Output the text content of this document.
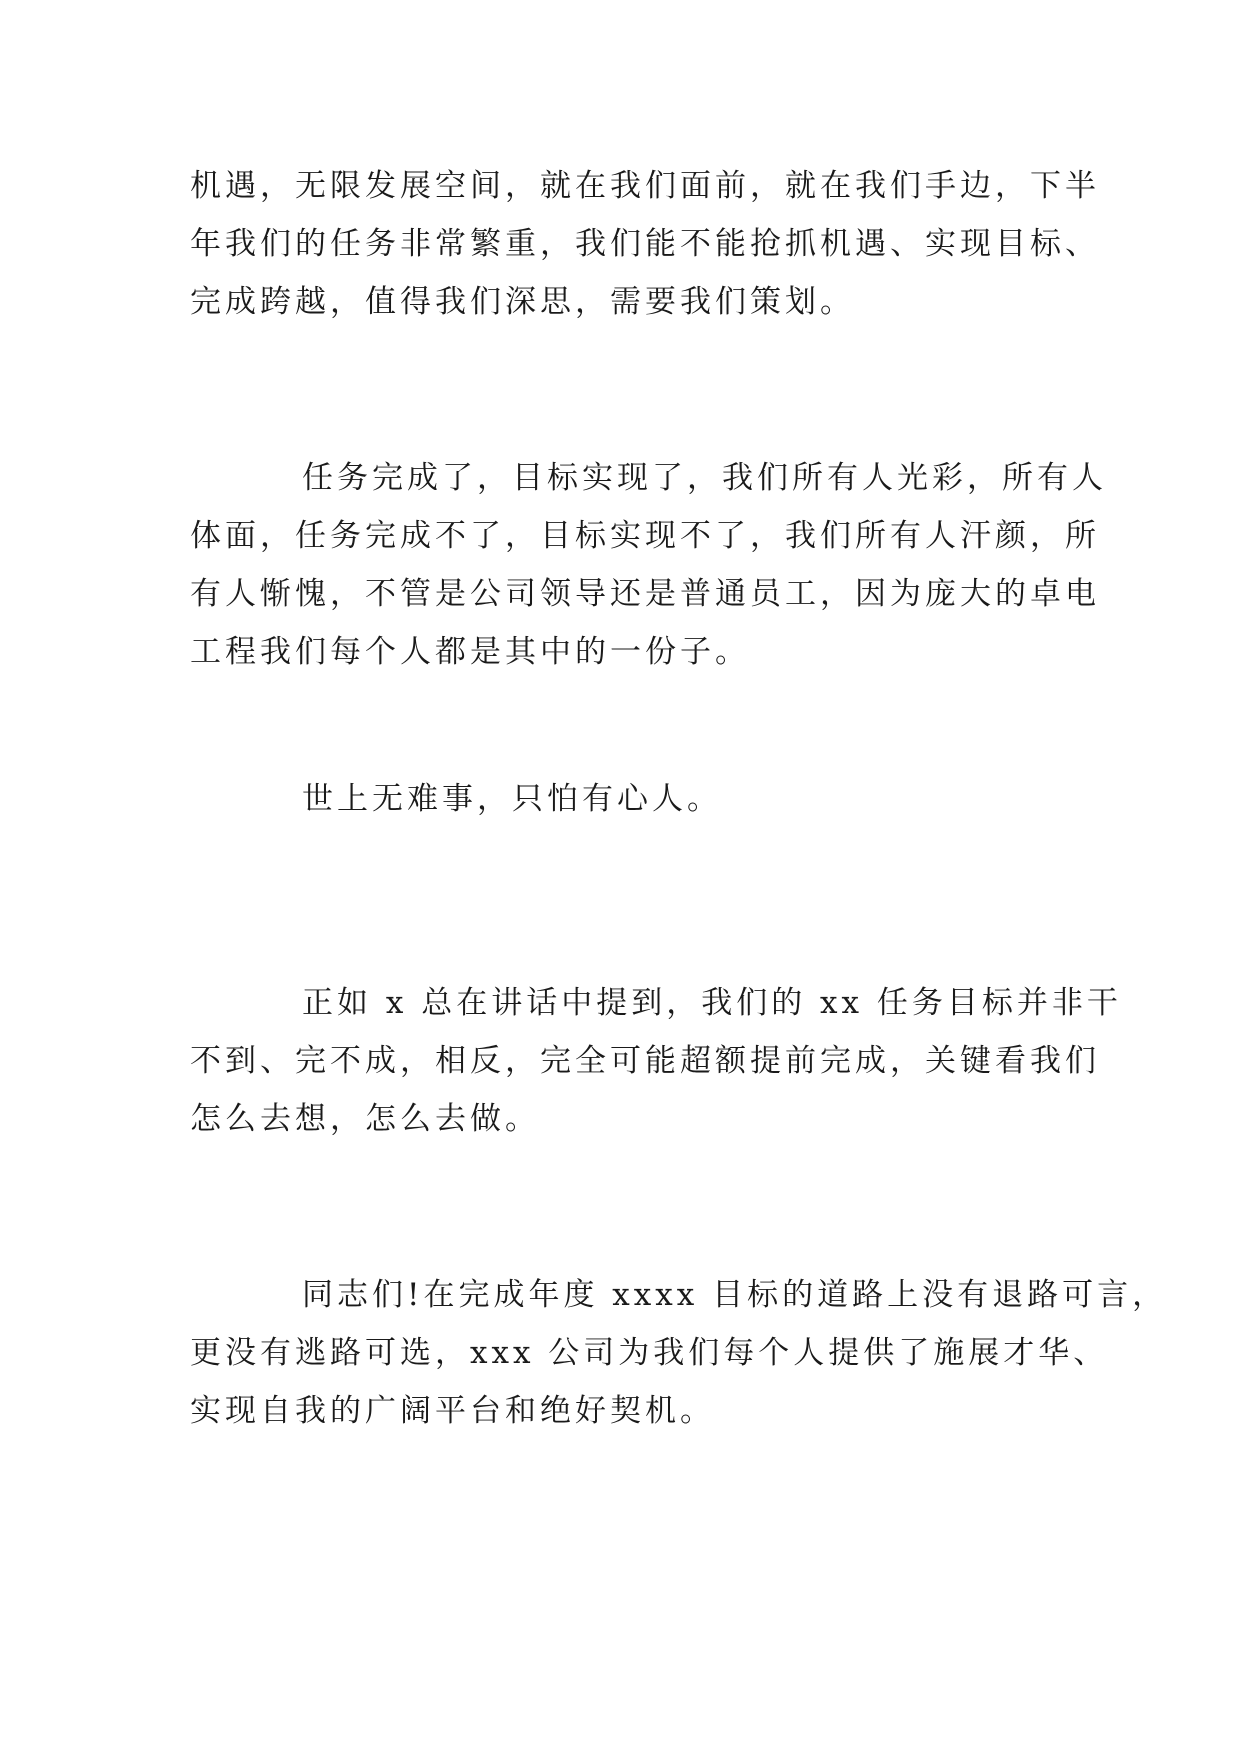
机遇，无限发展空间，就在我们面前，就在我们手边，下半
年我们的任务非常繁重，我们能不能抢抓机遇、实现目标、
完成跨越，值得我们深思，需要我们策划。
任务完成了，目标实现了，我们所有人光彩，所有人
体面，任务完成不了，目标实现不了，我们所有人汗颜，所
有人惭愧，不管是公司领导还是普通员工，因为庞大的卓电
工程我们每个人都是其中的一份子。
世上无难事，只怕有心人。
正如 x 总在讲话中提到，我们的 xx 任务目标并非干
不到、完不成，相反，完全可能超额提前完成，关键看我们
怎么去想，怎么去做。
同志们!在完成年度 xxxx 目标的道路上没有退路可言，
更没有逃路可选，xxx 公司为我们每个人提供了施展才华、
实现自我的广阔平台和绝好契机。
